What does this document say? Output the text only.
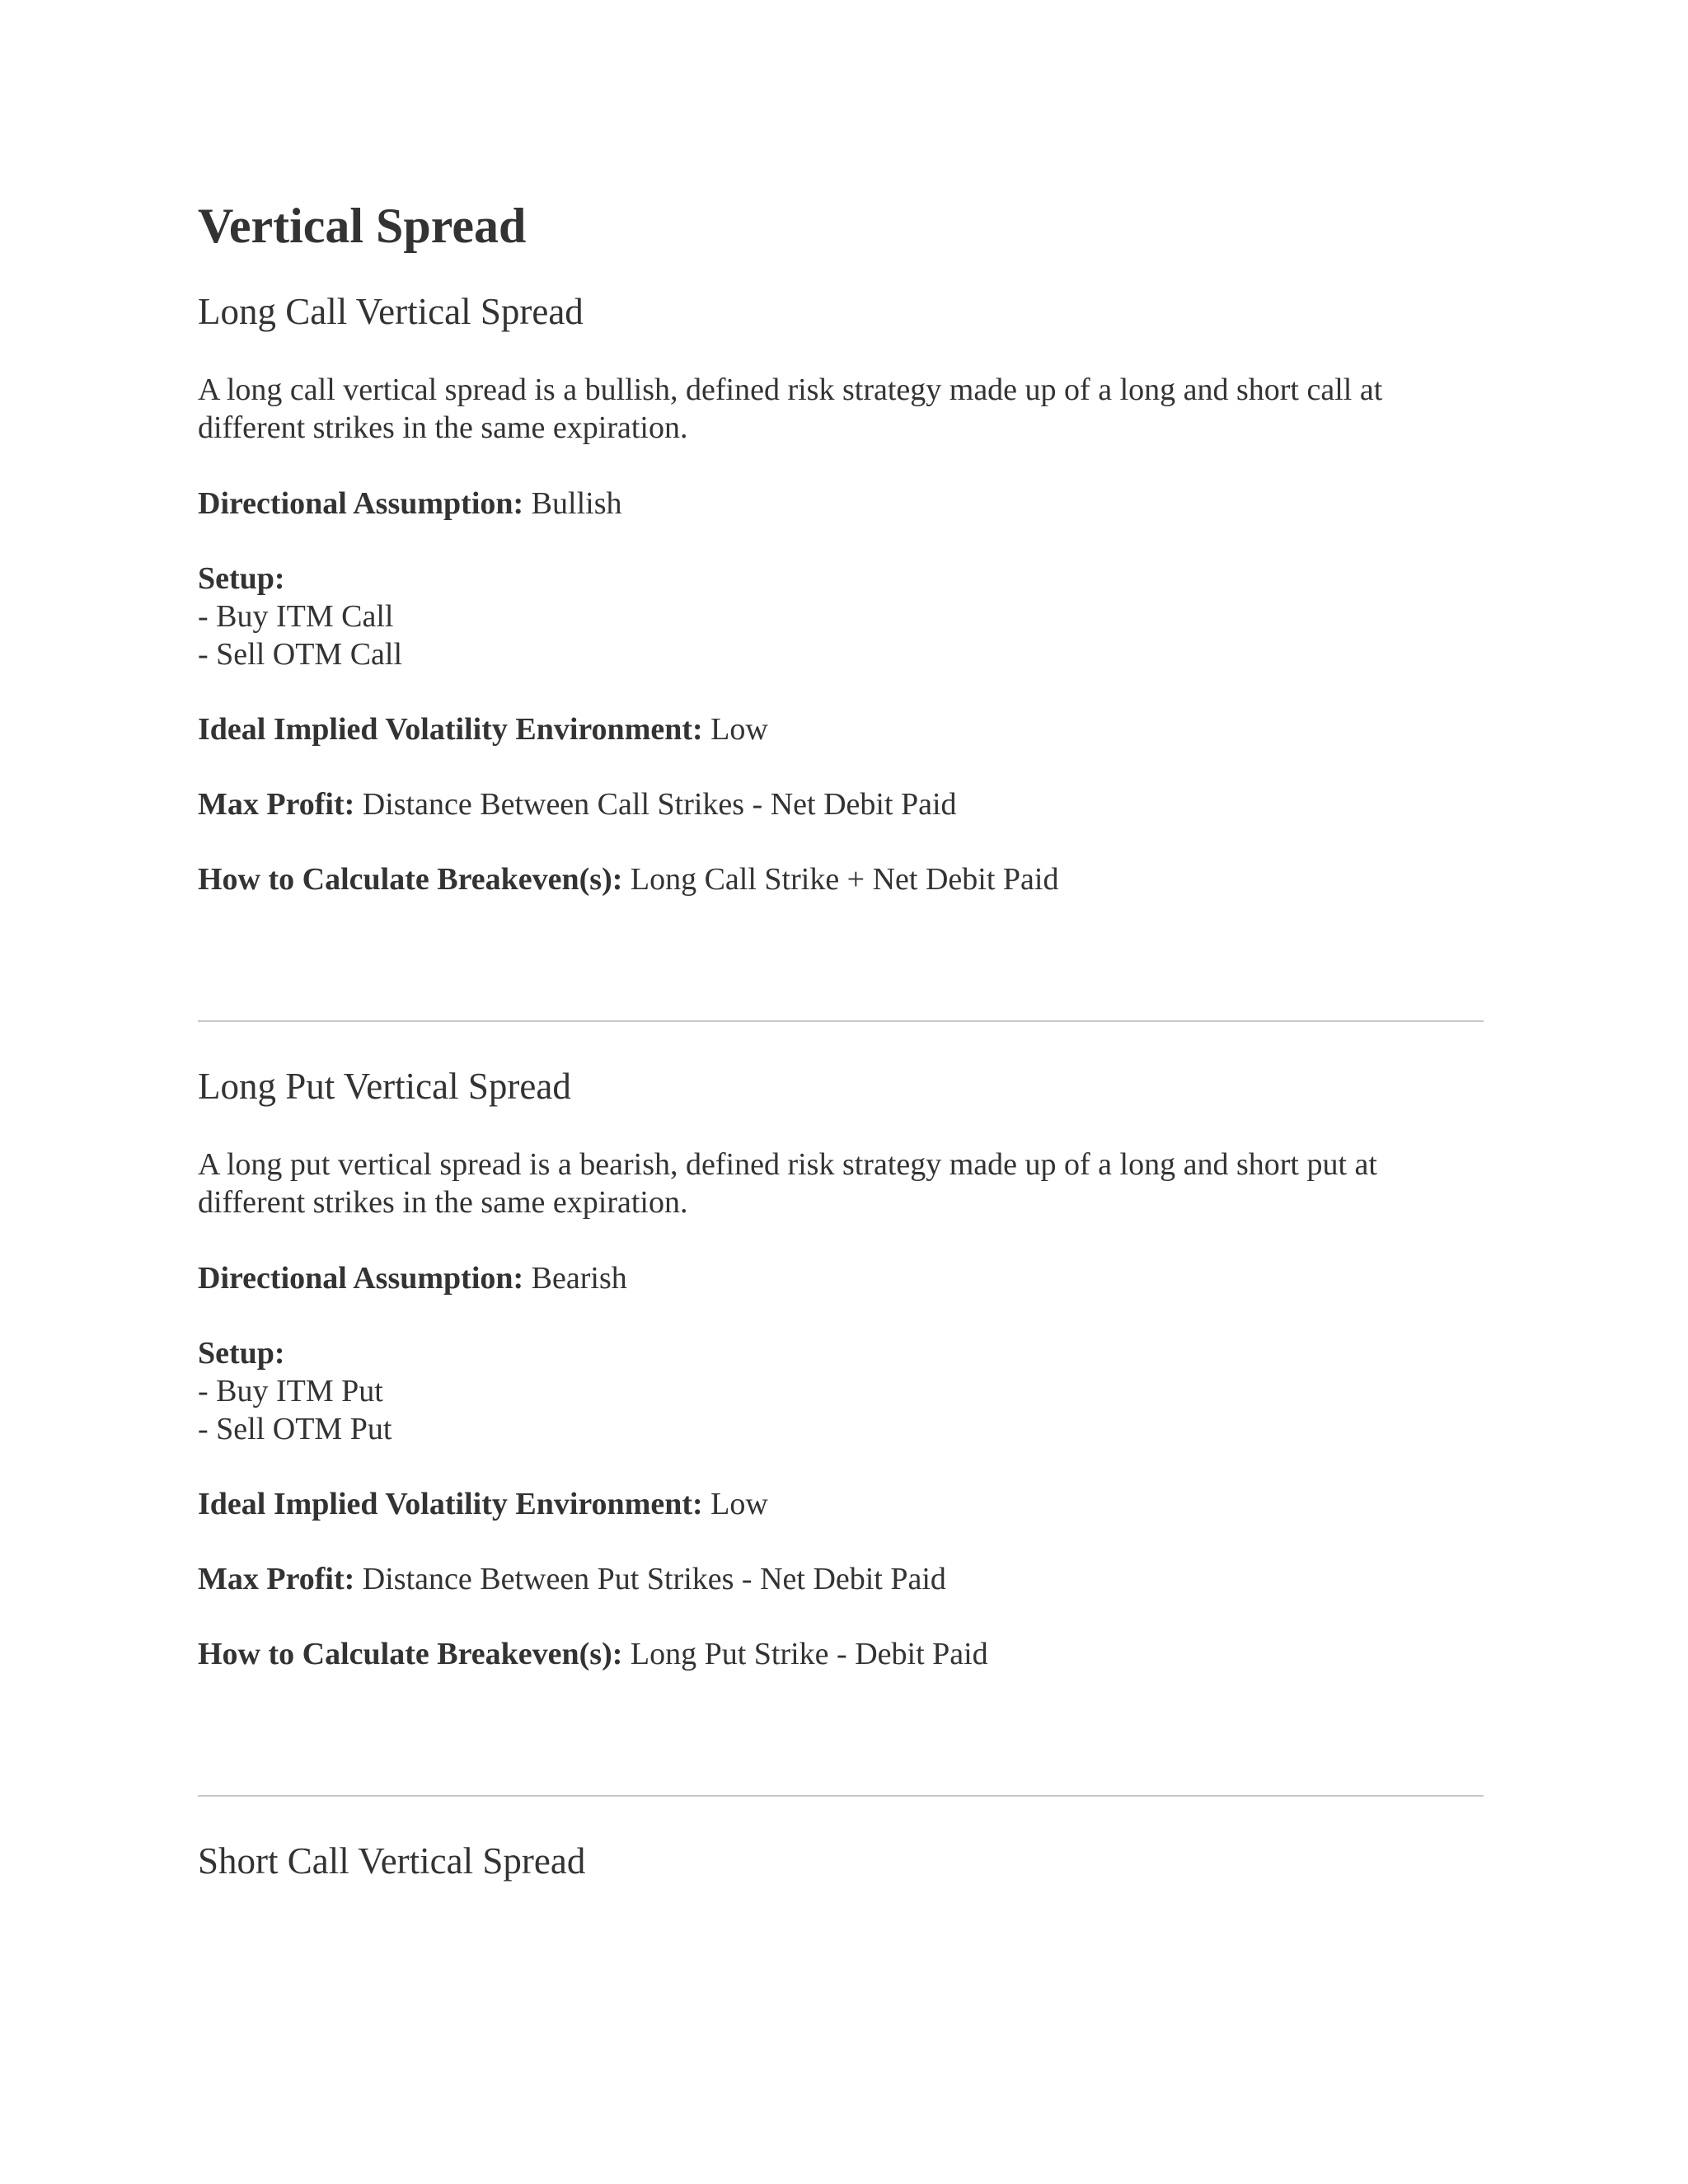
Vertical Spread
Long Call Vertical Spread

A long call vertical spread is a bullish, defined risk strategy made up of a long and short call at

different strikes in the same expiration.

Directional Assumption: Bullish

Setup:

- Buy ITM Call

- Sell OTM Call

Ideal Implied Volatility Environment: Low

Max Profit: Distance Between Call Strikes - Net Debit Paid

How to Calculate Breakeven(s): Long Call Strike + Net Debit Paid

Long Put Vertical Spread

A long put vertical spread is a bearish, defined risk strategy made up of a long and short put at

different strikes in the same expiration.

Directional Assumption: Bearish

Setup:

- Buy ITM Put

- Sell OTM Put

Ideal Implied Volatility Environment: Low

Max Profit: Distance Between Put Strikes - Net Debit Paid

How to Calculate Breakeven(s): Long Put Strike - Debit Paid

Short Call Vertical Spread
